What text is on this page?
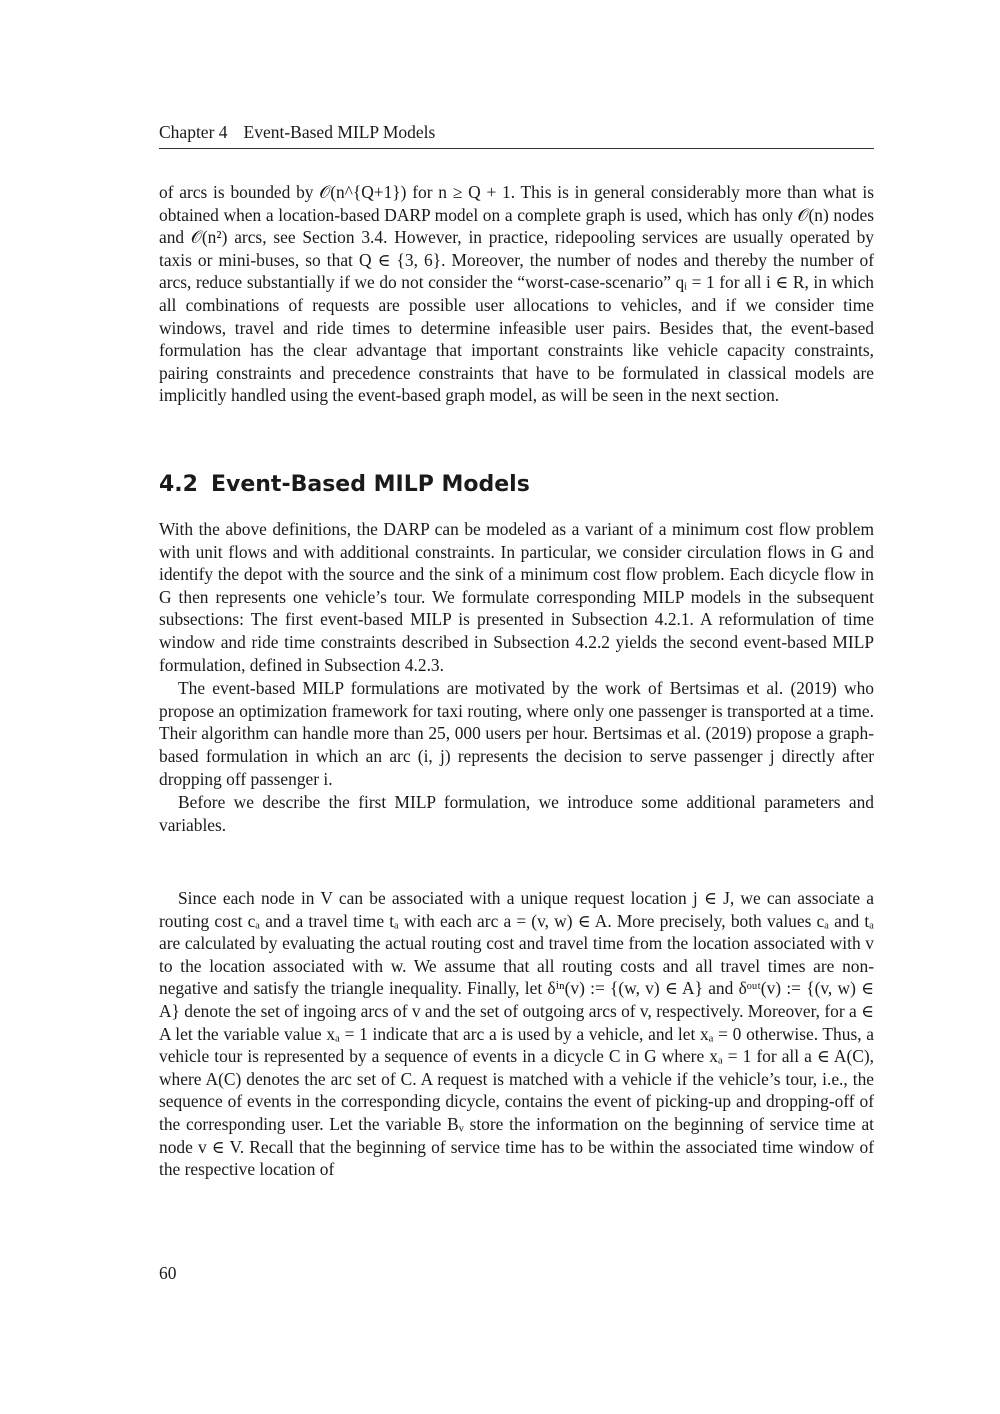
Chapter 4 Event-Based MILP Models

of arcs is bounded by 𝒪(n^{Q+1}) for n ≥ Q + 1. This is in general considerably more than what is obtained when a location-based DARP model on a complete graph is used, which has only 𝒪(n) nodes and 𝒪(n²) arcs, see Section 3.4. However, in practice, ridepooling services are usually operated by taxis or mini-buses, so that Q ∈ {3, 6}. Moreover, the number of nodes and thereby the number of arcs, reduce substantially if we do not consider the “worst-case-scenario” qᵢ = 1 for all i ∈ R, in which all combinations of requests are possible user allocations to vehicles, and if we consider time windows, travel and ride times to determine infeasible user pairs. Besides that, the event-based formulation has the clear advantage that important constraints like vehicle capacity constraints, pairing constraints and precedence constraints that have to be formulated in classical models are implicitly handled using the event-based graph model, as will be seen in the next section.

4.2 Event-Based MILP Models

With the above definitions, the DARP can be modeled as a variant of a minimum cost flow problem with unit flows and with additional constraints. In particular, we consider circulation flows in G and identify the depot with the source and the sink of a minimum cost flow problem. Each dicycle flow in G then represents one vehicle’s tour. We formulate corresponding MILP models in the subsequent subsections: The first event-based MILP is presented in Subsection 4.2.1. A reformulation of time window and ride time constraints described in Subsection 4.2.2 yields the second event-based MILP formulation, defined in Subsection 4.2.3.

The event-based MILP formulations are motivated by the work of Bertsimas et al. (2019) who propose an optimization framework for taxi routing, where only one passenger is transported at a time. Their algorithm can handle more than 25, 000 users per hour. Bertsimas et al. (2019) propose a graph-based formulation in which an arc (i, j) represents the decision to serve passenger j directly after dropping off passenger i.

Before we describe the first MILP formulation, we introduce some additional parameters and variables.

Since each node in V can be associated with a unique request location j ∈ J, we can associate a routing cost cₐ and a travel time tₐ with each arc a = (v, w) ∈ A. More precisely, both values cₐ and tₐ are calculated by evaluating the actual routing cost and travel time from the location associated with v to the location associated with w. We assume that all routing costs and all travel times are non-negative and satisfy the triangle inequality. Finally, let δⁱⁿ(v) := {(w, v) ∈ A} and δᵒᵘᵗ(v) := {(v, w) ∈ A} denote the set of ingoing arcs of v and the set of outgoing arcs of v, respectively. Moreover, for a ∈ A let the variable value xₐ = 1 indicate that arc a is used by a vehicle, and let xₐ = 0 otherwise. Thus, a vehicle tour is represented by a sequence of events in a dicycle C in G where xₐ = 1 for all a ∈ A(C), where A(C) denotes the arc set of C. A request is matched with a vehicle if the vehicle’s tour, i.e., the sequence of events in the corresponding dicycle, contains the event of picking-up and dropping-off of the corresponding user. Let the variable Bᵥ store the information on the beginning of service time at node v ∈ V. Recall that the beginning of service time has to be within the associated time window of the respective location of

60
